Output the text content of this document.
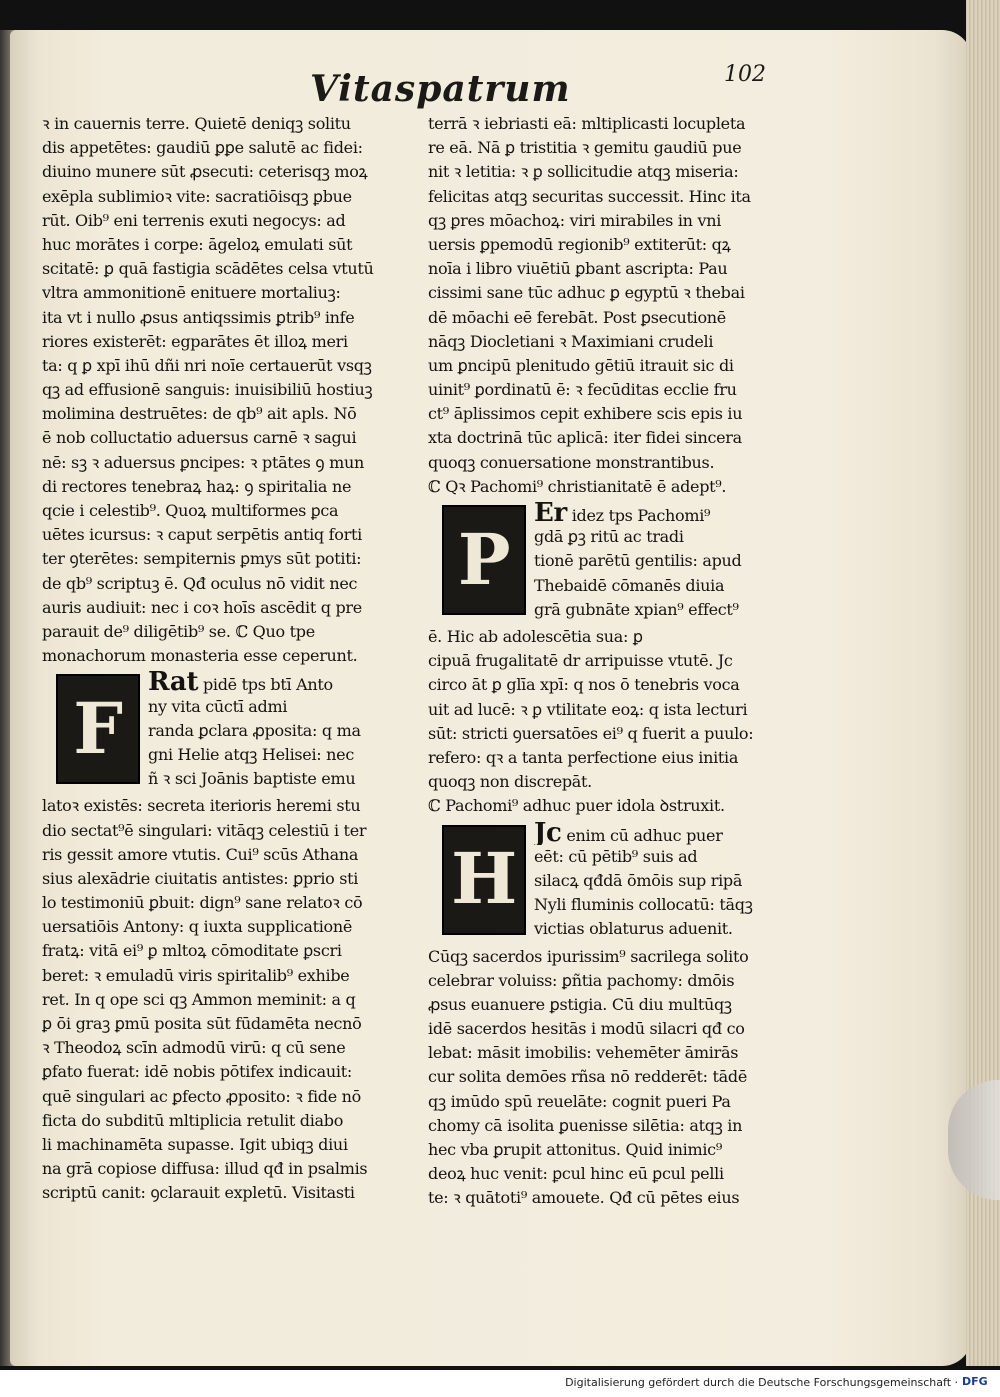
Vitaspatrum	102
ꝛ in cauernis terre. Quietē deniqꝫ solitu
dis appetētes: gaudiū ꝑꝑe salutē ac fidei:
diuino munere sūt ꝓsecuti: ceterisqꝫ moꝝ
exēpla sublimioꝛ vite: sacratiōisqꝫ ꝑbue
rūt. Oib⁹ eni terrenis exuti negocys: ad
huc morātes i corpe: āgeloꝝ emulati sūt
scitatē: ꝑ quā fastigia scādētes celsa vtutū
vltra ammonitionē enituere mortaliuꝫ:
ita vt i nullo ꝓsus antiqssimis ꝑtrib⁹ infe
riores existerēt: egparātes ēt illoꝝ meri
ta: q ꝑ xpī ihū dñi nri noīe certauerūt vsqꝫ
qꝫ ad effusionē sanguis: inuisibiliū hostiuꝫ
molimina destruētes: de qb⁹ ait apls. Nō
ē nob colluctatio aduersus carnē ꝛ sagui
nē: sꝫ ꝛ aduersus ꝑncipes: ꝛ ptātes ꝯ mun
di rectores tenebraꝝ haꝝ: ꝯ spiritalia ne
qcie i celestib⁹. Quoꝝ multiformes ꝑca
uētes icursus: ꝛ caput serpētis antiq forti
ter ꝯterētes: sempiternis ꝑmys sūt potiti:
de qb⁹ scriptuꝫ ē. Qđ oculus nō vidit nec
auris audiuit: nec i coꝛ hoīs ascēdit q pre
parauit de⁹ diligētib⁹ se. ℂ Quo tpe
monachorum monasteria esse ceperunt.
F
Rat pidē tps btī Anto
ny vita cūctī admi
randa ꝑclara ꝓposita: q ma
gni Helie atqꝫ Helisei: nec
ñ ꝛ sci Joānis baptiste emu
latoꝛ existēs: secreta iterioris heremi stu
dio sectat⁹ē singulari: vitāqꝫ celestiū i ter
ris gessit amore vtutis. Cui⁹ scūs Athana
sius alexādrie ciuitatis antistes: ꝑprio sti
lo testimoniū ꝑbuit: dign⁹ sane relatoꝛ cō
uersatiōis Antony: q iuxta supplicationē
fratꝝ: vitā ei⁹ ꝑ mltoꝝ cōmoditate ꝑscri
beret: ꝛ emuladū viris spiritalib⁹ exhibe
ret. In q ope sci qꝫ Ammon meminit: a q
ꝑ ōi graꝫ ꝑmū posita sūt fūdamēta necnō
ꝛ Theodoꝝ scīn admodū virū: q cū sene
ꝑfato fuerat: idē nobis pōtifex indicauit:
quē singulari ac ꝑfecto ꝓposito: ꝛ fide nō
ficta do subditū mltiplicia retulit diabo
li machinamēta supasse. Igit ubiqꝫ diui
na grā copiose diffusa: illud qđ in psalmis
scriptū canit: ꝯclarauit expletū. Visitasti
terrā ꝛ iebriasti eā: mltiplicasti locupleta
re eā. Nā ꝑ tristitia ꝛ gemitu gaudiū pue
nit ꝛ letitia: ꝛ ꝑ sollicitudie atqꝫ miseria:
felicitas atqꝫ securitas successit. Hinc ita
qꝫ ꝑres mōachoꝝ: viri mirabiles in vni
uersis ꝑpemodū regionib⁹ extiterūt: qꝝ
noīa i libro viuētiū ꝑbant ascripta: Pau
cissimi sane tūc adhuc ꝑ egyptū ꝛ thebai
dē mōachi eē ferebāt. Post ꝑsecutionē
nāqꝫ Diocletiani ꝛ Maximiani crudeli
um ꝑncipū plenitudo gētiū itrauit sic di
uinit⁹ ꝑordinatū ē: ꝛ fecūditas ecclie fru
ct⁹ āplissimos cepit exhibere scis epis iu
xta doctrinā tūc aplicā: iter fidei sincera
quoqꝫ conuersatione monstrantibus.
ℂ Qꝛ Pachomi⁹ christianitatē ē adept⁹.
P
Er idez tps Pachomi⁹
gdā ꝑꝫ ritū ac tradi
tionē parētū gentilis: apud
Thebaidē cōmanēs diuia
grā gubnāte xpian⁹ effect⁹
ē. Hic ab adolescētia sua: ꝑ
cipuā frugalitatē dr arripuisse vtutē. Jc
circo āt ꝑ glīa xpī: q nos ō tenebris voca
uit ad lucē: ꝛ ꝑ vtilitate eoꝝ: q ista lecturi
sūt: stricti ꝯuersatōes ei⁹ q fuerit a puulo:
refero: qꝛ a tanta perfectione eius initia
quoqꝫ non discrepāt.
ℂ Pachomi⁹ adhuc puer idola ꝺstruxit.
H
Jc enim cū adhuc puer
eēt: cū pētib⁹ suis ad
silacꝝ qđdā ōmōis sup ripā
Nyli fluminis collocatū: tāqꝫ
victias oblaturus aduenit.
Cūqꝫ sacerdos ipurissim⁹ sacrilega solito
celebrar voluiss: ꝑñtia pachomy: dmōis
ꝓsus euanuere ꝑstigia. Cū diu multūqꝫ
idē sacerdos hesitās i modū silacri qđ co
lebat: māsit imobilis: vehemēter āmirās
cur solita demōes rñsa nō redderēt: tādē
qꝫ imūdo spū reuelāte: cognit pueri Pa
chomy cā isolita ꝑuenisse silētia: atqꝫ in
hec vba ꝑrupit attonitus. Quid inimic⁹
deoꝝ huc venit: ꝑcul hinc eū ꝑcul pelli
te: ꝛ quātoti⁹ amouete. Qđ cū pētes eius
Digitalisierung gefördert durch die Deutsche Forschungsgemeinschaft · DFG
